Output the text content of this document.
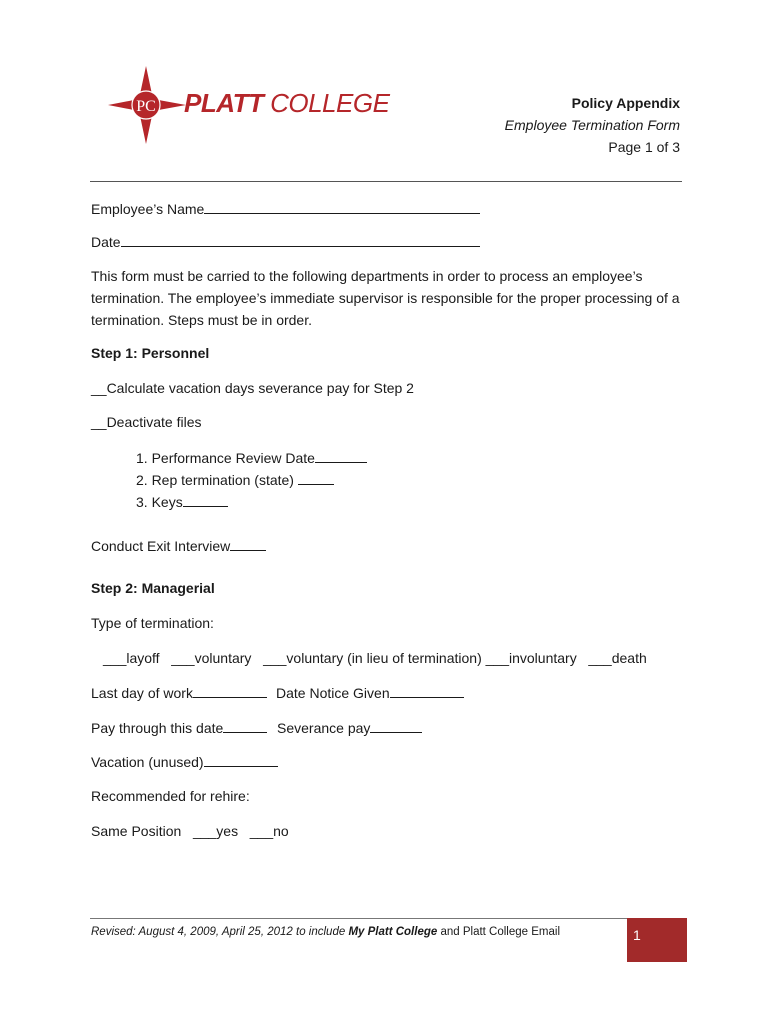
PC PLATT COLLEGE	Policy Appendix
Employee Termination Form
Page 1 of 3
Employee’s Name
Date
This form must be carried to the following departments in order to process an employee’s termination. The employee’s immediate supervisor is responsible for the proper processing of a termination. Steps must be in order.
Step 1: Personnel
__Calculate vacation days severance pay for Step 2
__Deactivate files
1. Performance Review Date
2. Rep termination (state)
3. Keys
Conduct Exit Interview
Step 2: Managerial
Type of termination:
___layoff   ___voluntary   ___voluntary (in lieu of termination) ___involuntary   ___death
Last day of work	Date Notice Given
Pay through this date	Severance pay
Vacation (unused)
Recommended for rehire:
Same Position   ___yes   ___no
Revised: August 4, 2009, April 25, 2012 to include My Platt College and Platt College Email	1
